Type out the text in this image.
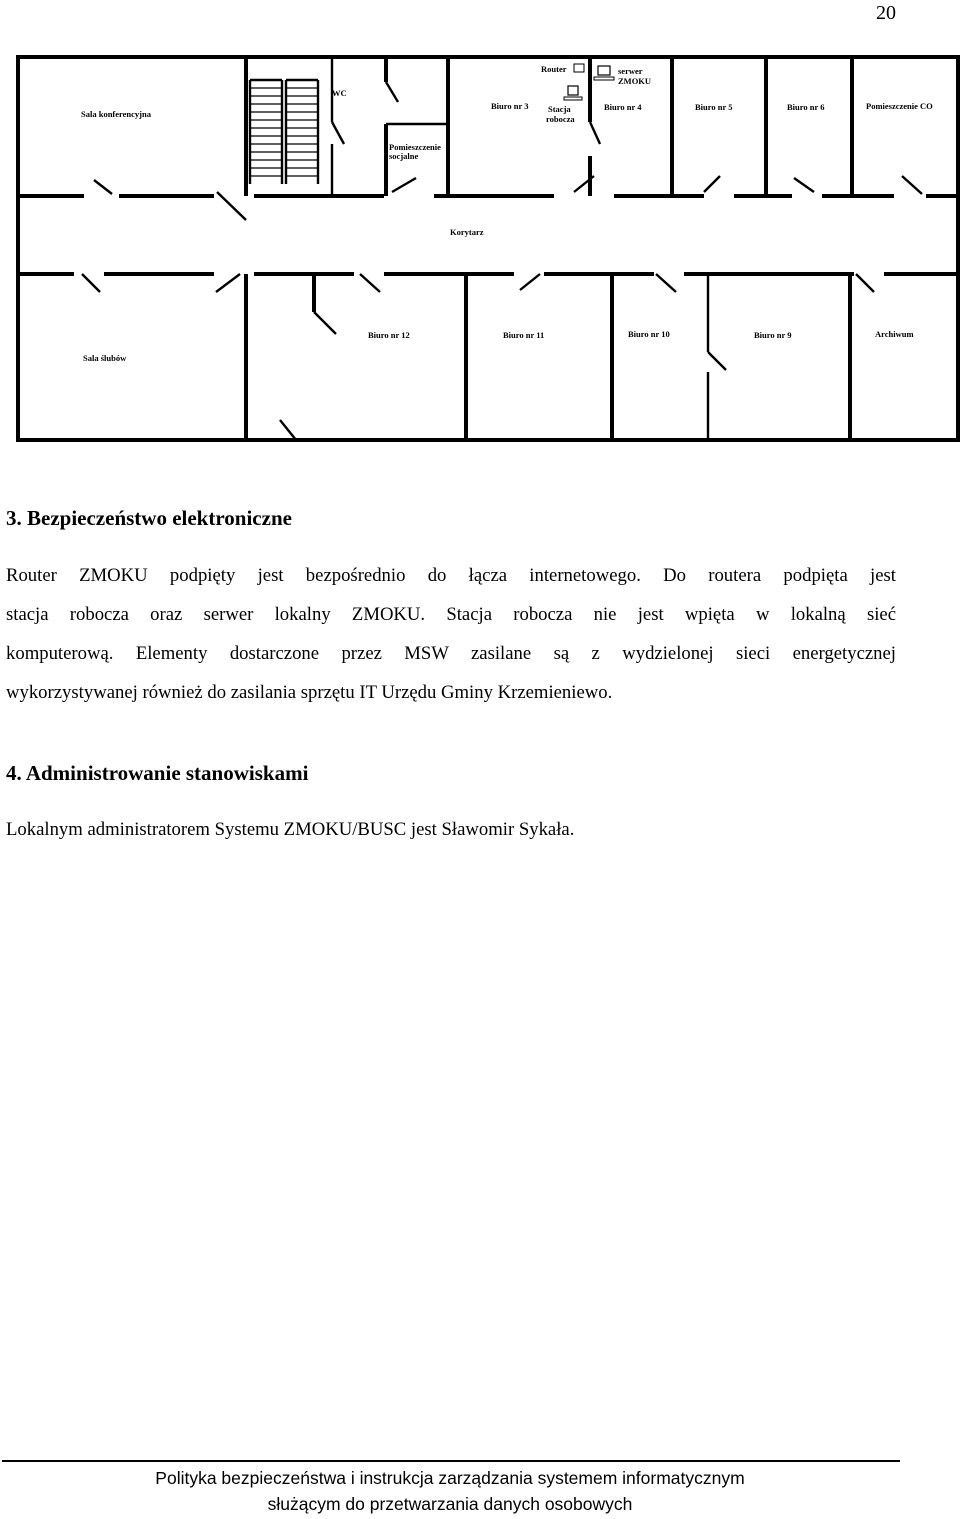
20
Sala konferencyjna
WC
Pomieszczenie
socjalne
Router	serwer
ZMOKU
Biuro nr 3 Stacja
robocza
Biuro nr 4	Biuro nr 5	Biuro nr 6	Pomieszczenie CO
Korytarz
Sala ślubów
Biuro nr 12	Biuro nr 11	Biuro nr 10	Biuro nr 9	Archiwum
3. Bezpieczeństwo elektroniczne

Router ZMOKU podpięty jest bezpośrednio do łącza internetowego. Do routera podpięta jest

stacja robocza oraz serwer lokalny ZMOKU. Stacja robocza nie jest wpięta w lokalną sieć

komputerową. Elementy dostarczone przez MSW zasilane są z wydzielonej sieci energetycznej

wykorzystywanej również do zasilania sprzętu IT Urzędu Gminy Krzemieniewo.

4. Administrowanie stanowiskami

Lokalnym administratorem Systemu ZMOKU/BUSC jest Sławomir Sykała.

Polityka bezpieczeństwa i instrukcja zarządzania systemem informatycznym
służącym do przetwarzania danych osobowych
